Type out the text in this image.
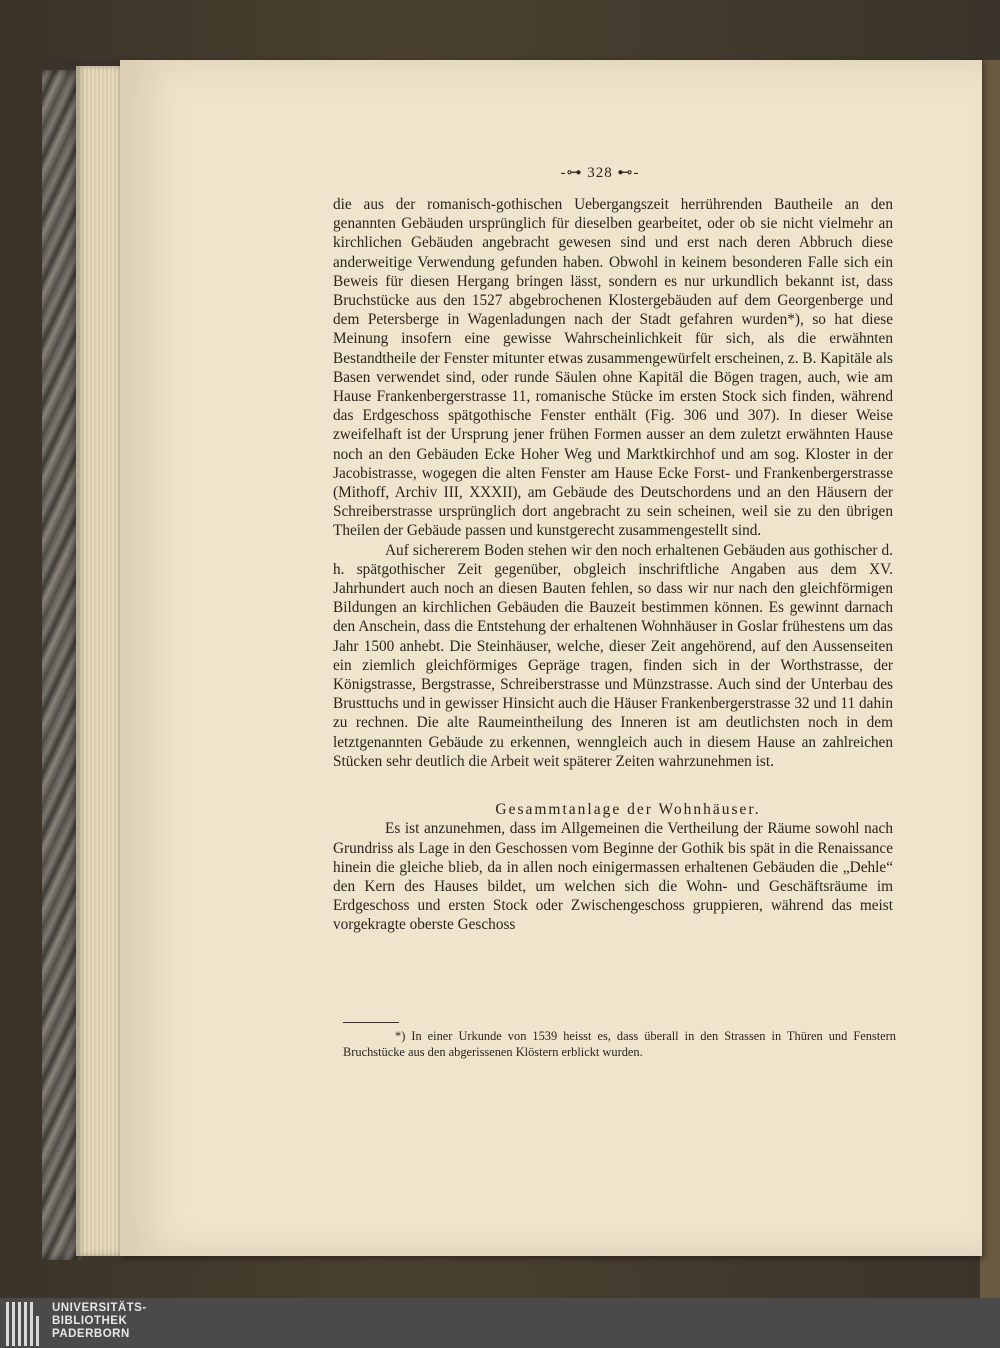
-⊶ 328 ⊷-

die aus der romanisch-gothischen Uebergangszeit herrührenden Bautheile an den genannten Gebäuden ursprünglich für dieselben gearbeitet, oder ob sie nicht vielmehr an kirchlichen Gebäuden angebracht gewesen sind und erst nach deren Abbruch diese anderweitige Verwendung gefunden haben. Obwohl in keinem besonderen Falle sich ein Beweis für diesen Hergang bringen lässt, sondern es nur urkundlich bekannt ist, dass Bruchstücke aus den 1527 abgebrochenen Klostergebäuden auf dem Georgenberge und dem Petersberge in Wagenladungen nach der Stadt gefahren wurden*), so hat diese Meinung insofern eine gewisse Wahrscheinlichkeit für sich, als die erwähnten Bestandtheile der Fenster mitunter etwas zusammengewürfelt erscheinen, z. B. Kapitäle als Basen verwendet sind, oder runde Säulen ohne Kapitäl die Bögen tragen, auch, wie am Hause Frankenbergerstrasse 11, romanische Stücke im ersten Stock sich finden, während das Erdgeschoss spätgothische Fenster enthält (Fig. 306 und 307). In dieser Weise zweifelhaft ist der Ursprung jener frühen Formen ausser an dem zuletzt erwähnten Hause noch an den Gebäuden Ecke Hoher Weg und Marktkirchhof und am sog. Kloster in der Jacobistrasse, wogegen die alten Fenster am Hause Ecke Forst- und Frankenbergerstrasse (Mithoff, Archiv III, XXXII), am Gebäude des Deutschordens und an den Häusern der Schreiberstrasse ursprünglich dort angebracht zu sein scheinen, weil sie zu den übrigen Theilen der Gebäude passen und kunstgerecht zusammengestellt sind.

Auf sichererem Boden stehen wir den noch erhaltenen Gebäuden aus gothischer d. h. spätgothischer Zeit gegenüber, obgleich inschriftliche Angaben aus dem XV. Jahrhundert auch noch an diesen Bauten fehlen, so dass wir nur nach den gleichförmigen Bildungen an kirchlichen Gebäuden die Bauzeit bestimmen können. Es gewinnt darnach den Anschein, dass die Entstehung der erhaltenen Wohnhäuser in Goslar frühestens um das Jahr 1500 anhebt. Die Steinhäuser, welche, dieser Zeit angehörend, auf den Aussenseiten ein ziemlich gleichförmiges Gepräge tragen, finden sich in der Worthstrasse, der Königstrasse, Bergstrasse, Schreiberstrasse und Münzstrasse. Auch sind der Unterbau des Brusttuchs und in gewisser Hinsicht auch die Häuser Frankenbergerstrasse 32 und 11 dahin zu rechnen. Die alte Raumeintheilung des Inneren ist am deutlichsten noch in dem letztgenannten Gebäude zu erkennen, wenngleich auch in diesem Hause an zahlreichen Stücken sehr deutlich die Arbeit weit späterer Zeiten wahrzunehmen ist.

Gesammtanlage der Wohnhäuser.

Es ist anzunehmen, dass im Allgemeinen die Vertheilung der Räume sowohl nach Grundriss als Lage in den Geschossen vom Beginne der Gothik bis spät in die Renaissance hinein die gleiche blieb, da in allen noch einigermassen erhaltenen Gebäuden die „Dehle“ den Kern des Hauses bildet, um welchen sich die Wohn- und Geschäftsräume im Erdgeschoss und ersten Stock oder Zwischengeschoss gruppieren, während das meist vorgekragte oberste Geschoss

*) In einer Urkunde von 1539 heisst es, dass überall in den Strassen in Thüren und Fenstern Bruchstücke aus den abgerissenen Klöstern erblickt wurden.

UNIVERSITÄTS-
BIBLIOTHEK
PADERBORN
